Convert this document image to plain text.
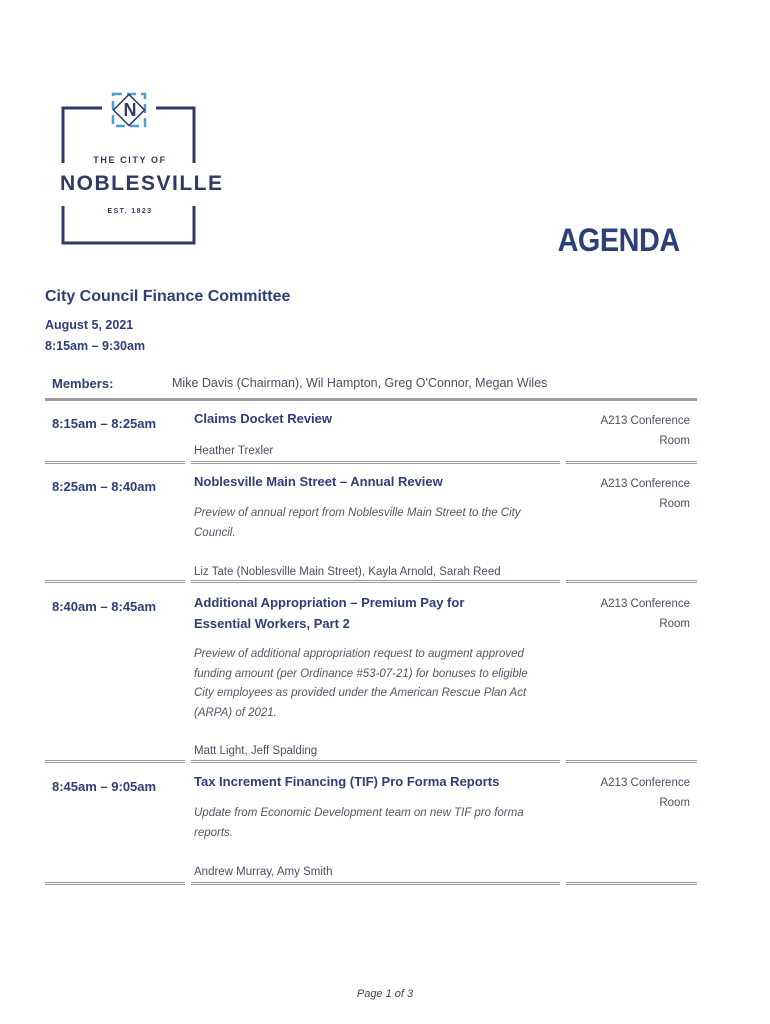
N
THE CITY OF
NOBLESVILLE
EST. 1823
AGENDA
City Council Finance Committee
August 5, 2021
8:15am – 9:30am
Members:	Mike Davis (Chairman), Wil Hampton, Greg O'Connor, Megan Wiles
8:15am – 8:25am	Claims Docket Review
Heather Trexler
A213 Conference Room
8:25am – 8:40am	Noblesville Main Street – Annual Review
Preview of annual report from Noblesville Main Street to the City Council.
Liz Tate (Noblesville Main Street), Kayla Arnold, Sarah Reed
A213 Conference Room
8:40am – 8:45am	Additional Appropriation – Premium Pay for Essential Workers, Part 2
Preview of additional appropriation request to augment approved funding amount (per Ordinance #53-07-21) for bonuses to eligible City employees as provided under the American Rescue Plan Act (ARPA) of 2021.
Matt Light, Jeff Spalding
A213 Conference Room
8:45am – 9:05am	Tax Increment Financing (TIF) Pro Forma Reports
Update from Economic Development team on new TIF pro forma reports.
Andrew Murray, Amy Smith
A213 Conference Room
Page 1 of 3
